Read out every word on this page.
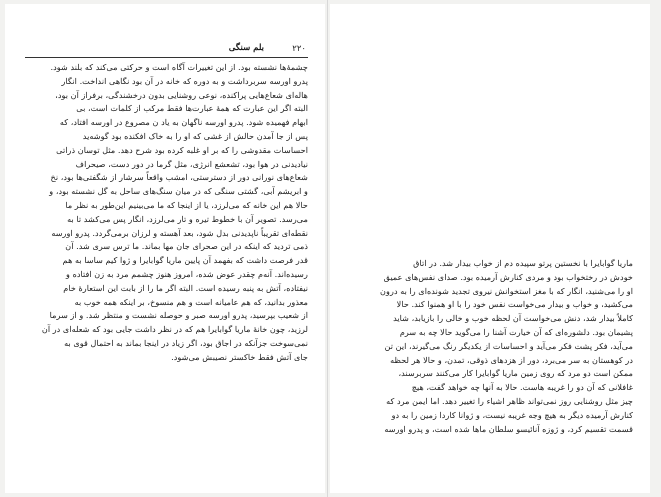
۲۲۰
بلم سنگی
چشمهٔ‌ها نشسته بود. از این تغییرات آگاه است و حرکتی می‌کند که بلند شود.
پدرو اورسه سربرداشت و به دوره که خانه در آن بود نگاهی انداخت. انگار
هاله‌ای شعاع‌هایی پراکنده، نوعی روشنایی بدون درخشندگی، برفراز آن بود،
البته اگر این عبارت که همهٔ عبارت‌ها فقط مرکب از کلمات است، بی
ابهام فهمیده شود. پدرو اورسه ناگهان به یاد ن مصروع در اورسه افتاد، که
پس از جا آمدن حالش از غشی که او را به خاک افکنده بود گوشه‌ید
احساسات مقدوشی را که بر او غلبه کرده بود شرح دهد. مثل توسان ذراتی
نیادیدنی در هوا بود، تشعشع انرژی، مثل گرما در دور دست، صیحراف
شعاع‌های نورانی دور از دسترستی، امشب واقعاً سرشار از شگفتی‌ها بود، نخ
و ابریشم آبی، گشتی سنگی که در میان سنگ‌های ساحل به گل نشسته بود، و
حالا هم این خانه که می‌لرزد، یا از اینجا که ما می‌بینیم این‌طور به نظر ما
می‌رسد. تصویر آن با خطوط تیره و تار می‌لرزد، انگار پس می‌کشد تا به
نقطه‌ای تقریباً ناپدیدنی بدل شود، بعد آهسته و لرزان برمی‌گردد. پدرو اورسه
ذمی تردید که اینکه در این صحرای جان مها بماند. ما ترس سری شد. آن
قدر فرصت داشت که بفهمد آن پایین ماریا گوابایرا و ژوا کیم ساسا به هم
رسیده‌اند. آنه‌م چقدر عوض شده، امروز هنوز چشمم مرد به زن افتاده و
نیفتاده، آتش به پنبه رسیده است. البته اگر ما را از بابت این استعارهٔ خام
معذور بدانید، که هم عامیانه است و هم منسوخ، بر اینکه همه خوب به
از شعیب بپرسید، پدرو اورسه صبر و حوصله نشست و منتظر شد. و از سرما
لرزید، چون خانهٔ ماریا گوابایرا هم که در نظر داشت جایی بود که شعله‌ای در آن
نمی‌سوخت جزآنکه در اجاق بود، اگر زیاد در اینجا بماند به احتمال قوی به
جای آتش فقط خاکستر نصیبش می‌شود.
ماریا گوابایرا با نخستین پرتو سپیده دم از خواب بیدار شد. در اتاق
خودش در رختخواب بود و مردی کنارش آرمیده بود. صدای نفس‌های عمیق
او را می‌شنید، انگار که با مغز استخوانش نیروی تجدید شونده‌ای را به درون
می‌کشید، و خواب و بیدار می‌خواست نفس خود را با او همنوا کند. حالا
کاملاً بیدار شد، دنش می‌خواست آن لحظه خوب و خالی را بازیابد، شاید
پشیمان بود. دلشوره‌ای که آن خیارت آشنا را می‌گوید حالا چه به سرم
می‌آید، فکر پشت فکر می‌آید و احساسات از یکدیگر رنگ می‌گیرند، این تن
در کوهستان به سر می‌برد، دور از هزدهای ذوقی، تمدن، و حالا هر لحظه
ممکن است دو مرد که روی زمین ماریا گوابایرا کار می‌کنند سربرسند،
غافلانی که آن دو را غریبه هاست. حالا به آنها چه خواهد گفت، هیچ
چیز مثل روشنایی روز نمی‌تواند ظاهر اشیاء را تغییر دهد. اما ایمن مرد که
کنارش آرمیده دیگر به هیچ وجه غریبه نیست، و ژوانا کاردا زمین را به دو
قسمت تقسیم کرد، و ژوزه آنائیسو سلطان ماها شده است، و پدرو اورسه
